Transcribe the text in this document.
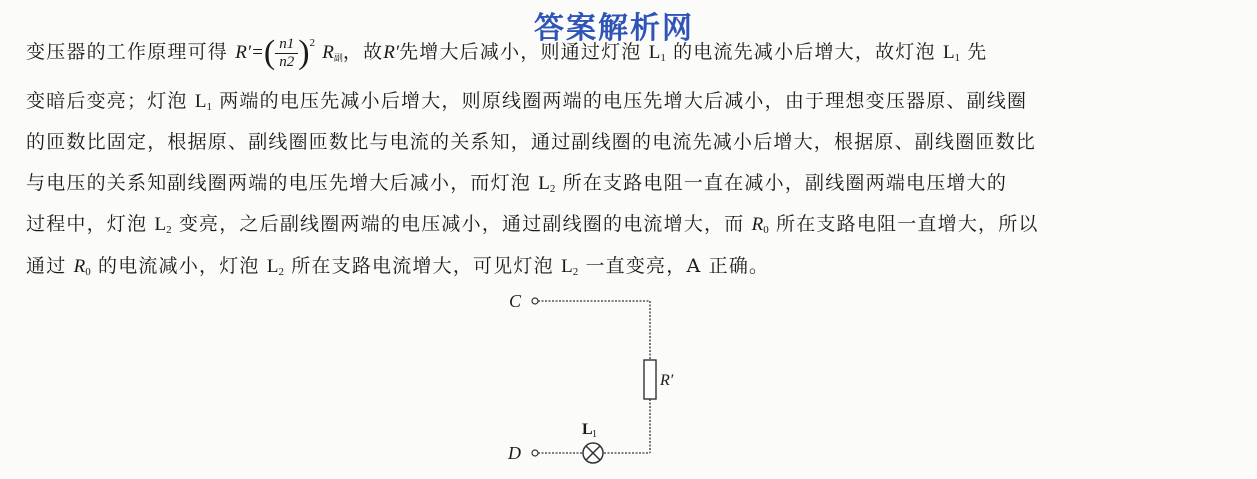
答案解析网
变压器的工作原理可得 $R'=( \frac{n1}{n2} )^2$ $R_副$，故R′先增大后减小，则通过灯泡 $L_1$ 的电流先减小后增大，故灯泡 $L_1$ 先
变暗后变亮；灯泡 $L_1$ 两端的电压先减小后增大，则原线圈两端的电压先增大后减小，由于理想变压器原、副线圈
的匝数比固定，根据原、副线圈匝数比与电流的关系知，通过副线圈的电流先减小后增大，根据原、副线圈匝数比
与电压的关系知副线圈两端的电压先增大后减小，而灯泡 $L_2$ 所在支路电阻一直在减小，副线圈两端电压增大的
过程中，灯泡 $L_2$ 变亮，之后副线圈两端的电压减小，通过副线圈的电流增大，而 $R_0$ 所在支路电阻一直增大，所以
通过 $R_0$ 的电流减小，灯泡 $L_2$ 所在支路电流增大，可见灯泡 $L_2$ 一直变亮，A 正确。
C
D
R′
L 1
